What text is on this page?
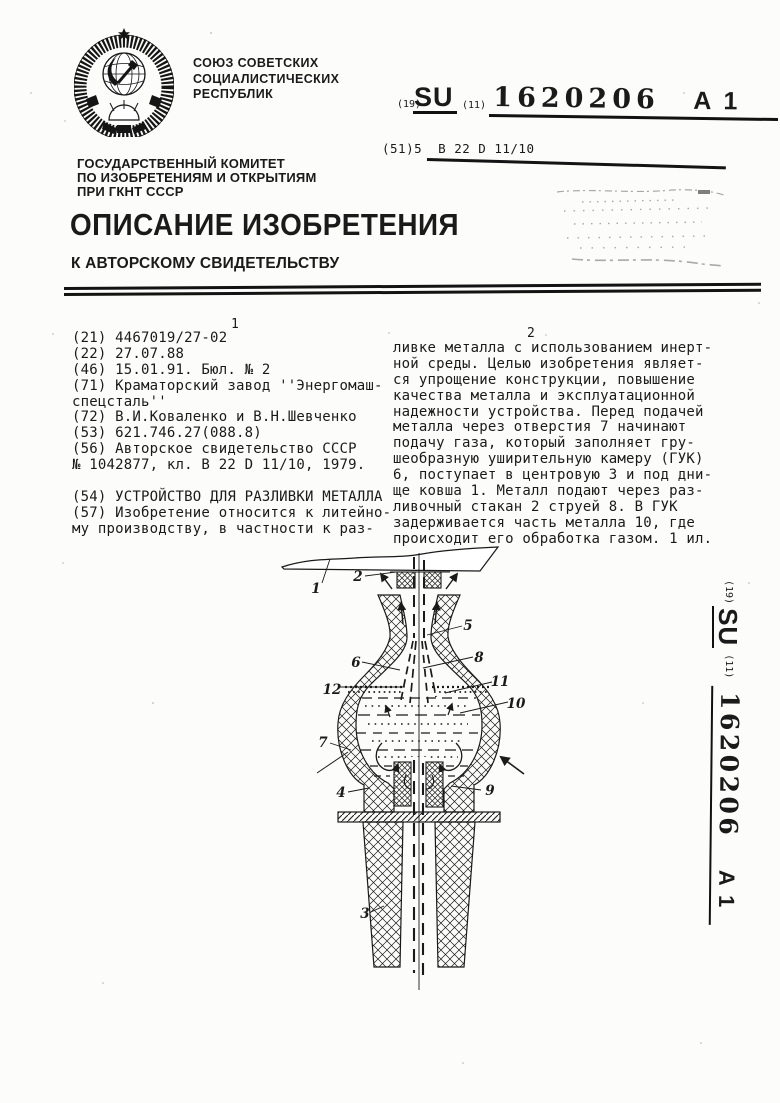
СОЮЗ СОВЕТСКИХ
СОЦИАЛИСТИЧЕСКИХ
РЕСПУБЛИК
ГОСУДАРСТВЕННЫЙ КОМИТЕТ
ПО ИЗОБРЕТЕНИЯМ И ОТКРЫТИЯМ
ПРИ ГКНТ СССР
(19)
SU (11) 1620206 A 1
(51)5 B 22 D 11/10
ОПИСАНИЕ ИЗОБРЕТЕНИЯ
К АВТОРСКОМУ СВИДЕТЕЛЬСТВУ
1
2
(21) 4467019/27-02
(22) 27.07.88
(46) 15.01.91. Бюл. № 2
(71) Краматорский завод ''Энергомаш-
спецсталь''
(72) В.И.Коваленко и В.Н.Шевченко
(53) 621.746.27(088.8)
(56) Авторское свидетельство СССР
№ 1042877, кл. B 22 D 11/10, 1979.
(54) УСТРОЙСТВО ДЛЯ РАЗЛИВКИ МЕТАЛЛА
(57) Изобретение относится к литейно-
му производству, в частности к раз-
ливке металла с использованием инерт-
ной среды. Целью изобретения являет-
ся упрощение конструкции, повышение
качества металла и эксплуатационной
надежности устройства. Перед подачей
металла через отверстия 7 начинают
подачу газа, который заполняет гру-
шеобразную уширительную камеру (ГУК)
6, поступает в центровую 3 и под дни-
ще ковша 1. Металл подают через раз-
ливочный стакан 2 струей 8. В ГУК
задерживается часть металла 10, где
происходит его обработка газом. 1 ил.
1
2
3
4
5
6
7
8
9
10
11
12
(19)
SU
(11)
1620206 A 1
